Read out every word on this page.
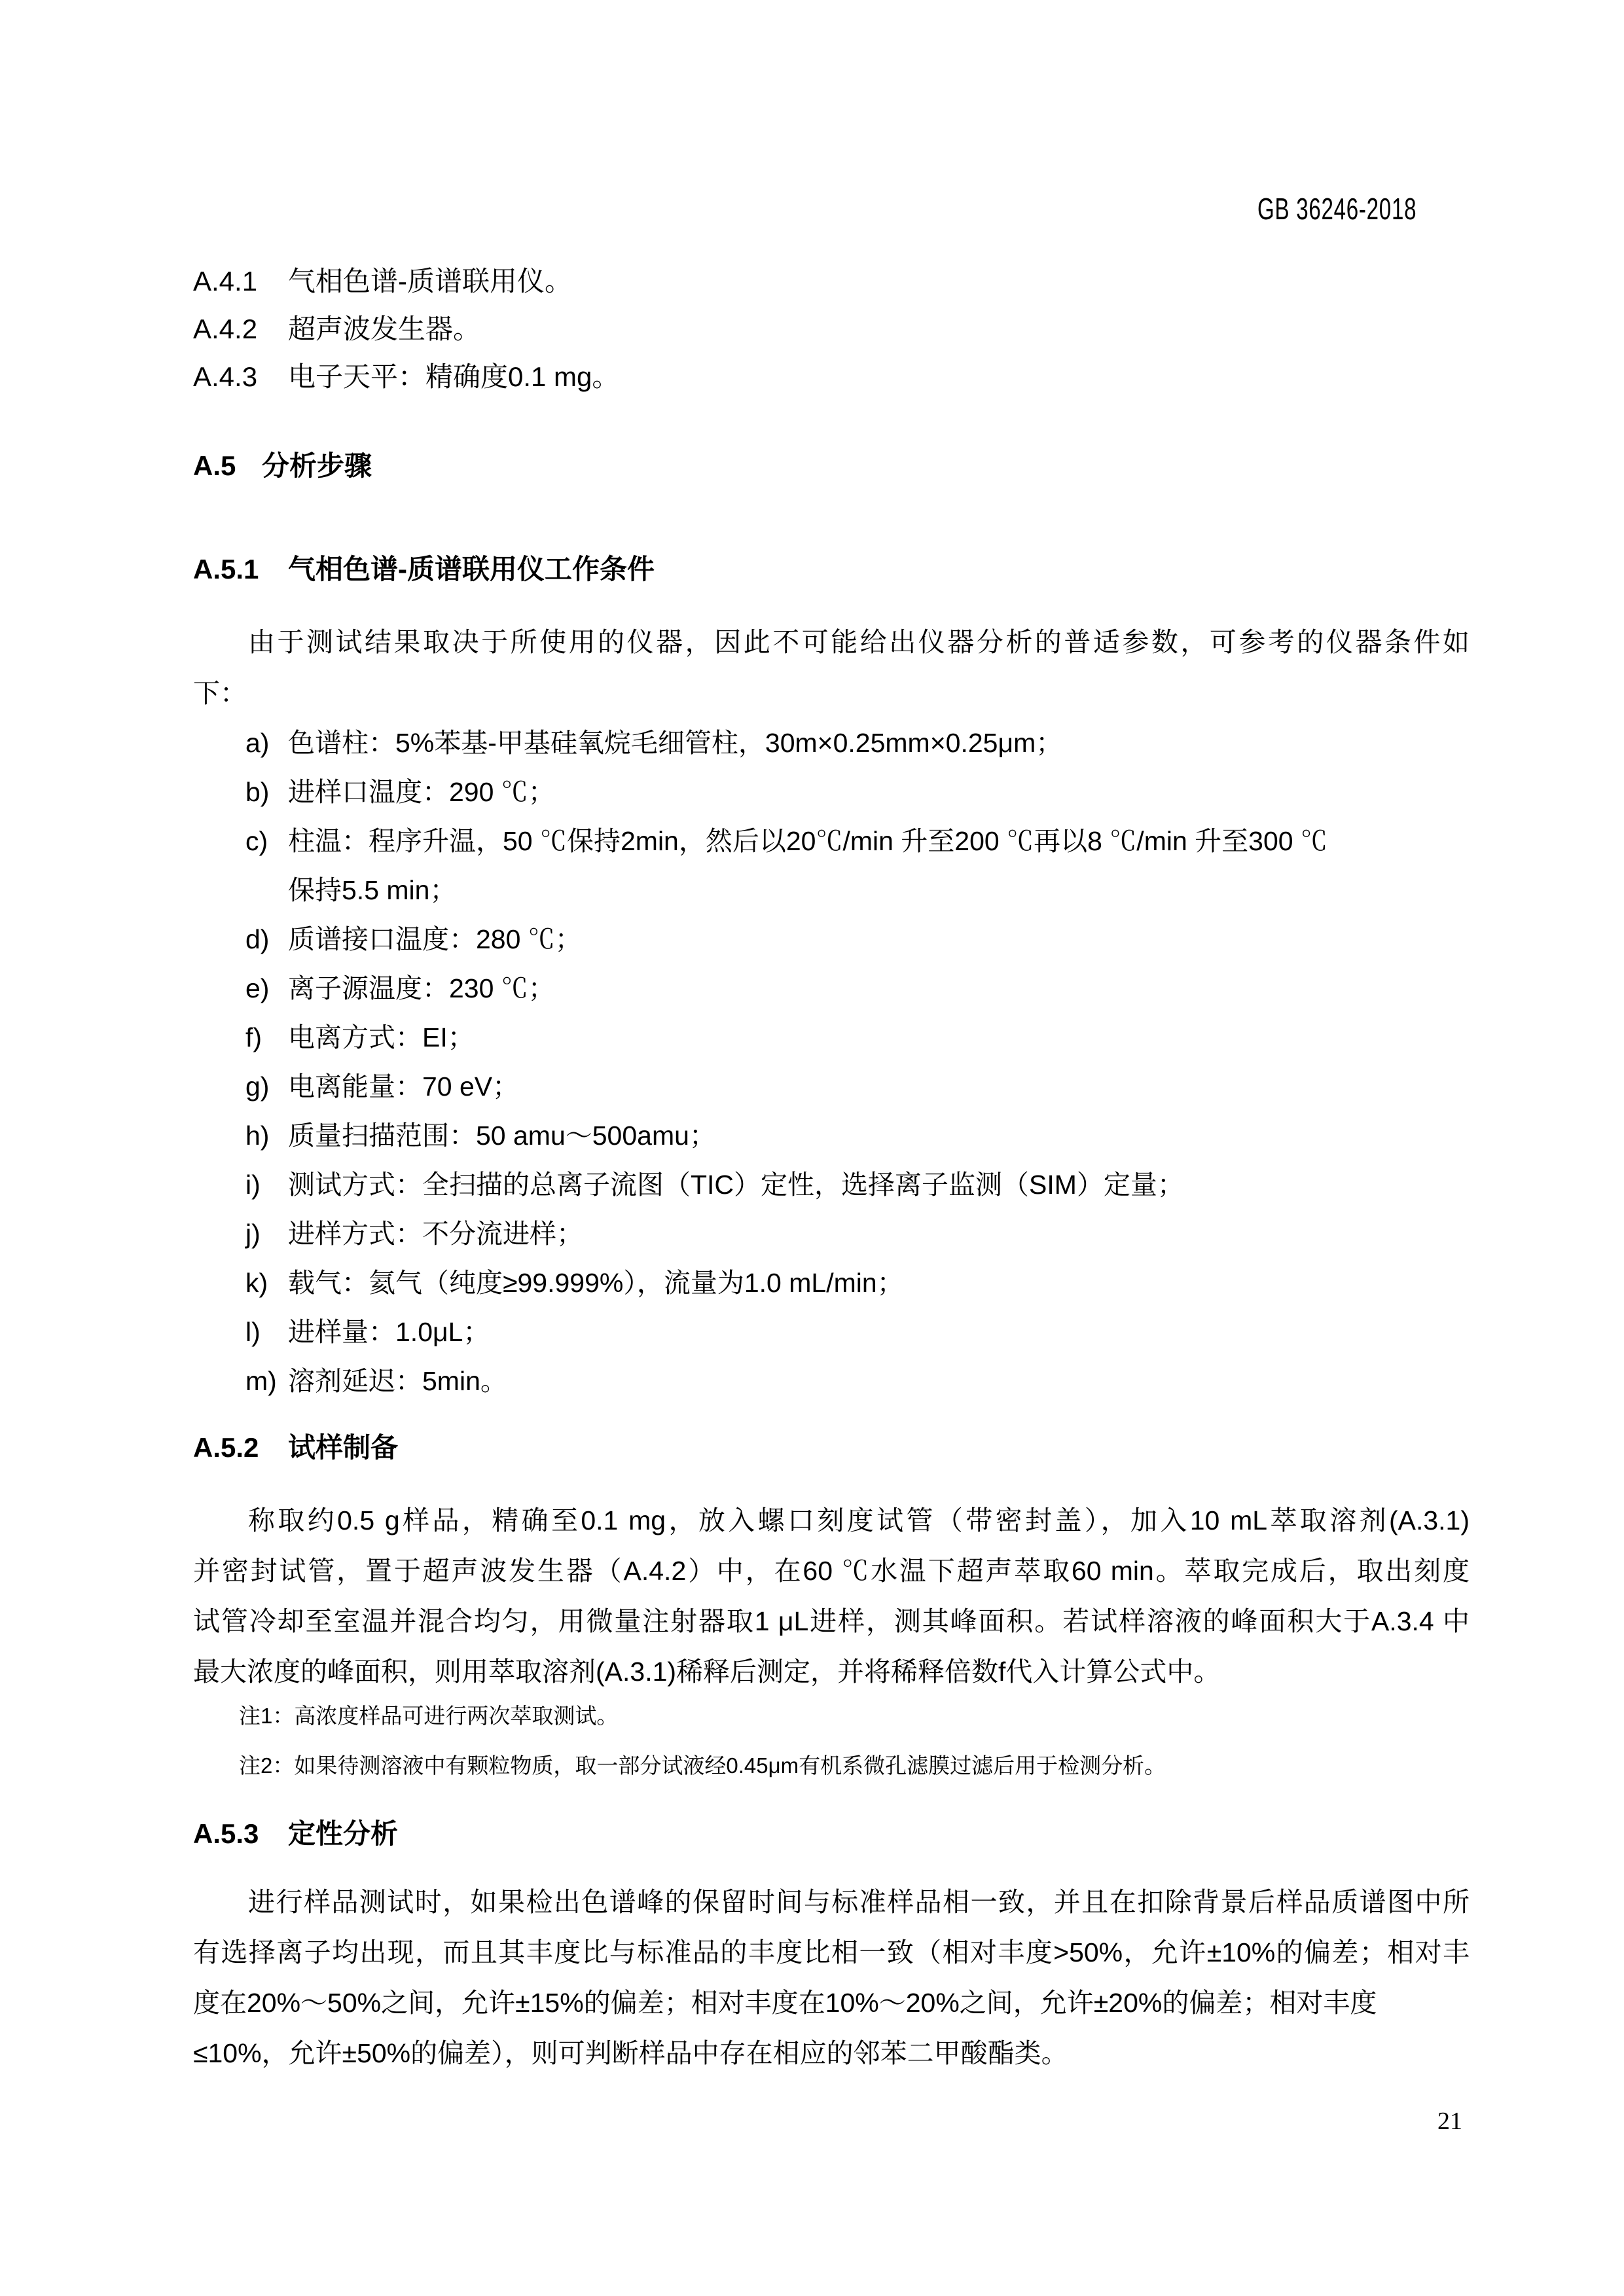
GB 36246-2018
A.4.1 气相色谱-质谱联用仪。
A.4.2 超声波发生器。
A.4.3 电子天平：精确度0.1 mg。
A.5 分析步骤
A.5.1 气相色谱-质谱联用仪工作条件
由于测试结果取决于所使用的仪器，因此不可能给出仪器分析的普适参数，可参考的仪器条件如
下：
a) 色谱柱：5%苯基-甲基硅氧烷毛细管柱，30m×0.25mm×0.25μm；
b) 进样口温度：290 ℃；
c) 柱温：程序升温，50 ℃保持2min，然后以20℃/min 升至200 ℃再以8 ℃/min 升至300 ℃
保持5.5 min；
d) 质谱接口温度：280 ℃；
e) 离子源温度：230 ℃；
f) 电离方式：EI；
g) 电离能量：70 eV；
h) 质量扫描范围：50 amu～500amu；
i) 测试方式：全扫描的总离子流图（TIC）定性，选择离子监测（SIM）定量；
j) 进样方式：不分流进样；
k) 载气：氦气（纯度≥99.999%），流量为1.0 mL/min；
l) 进样量：1.0μL；
m) 溶剂延迟：5min。
A.5.2 试样制备
称取约0.5 g样品，精确至0.1 mg，放入螺口刻度试管（带密封盖），加入10 mL萃取溶剂(A.3.1)
并密封试管，置于超声波发生器（A.4.2）中，在60 ℃水温下超声萃取60 min。萃取完成后，取出刻度
试管冷却至室温并混合均匀，用微量注射器取1 μL进样，测其峰面积。若试样溶液的峰面积大于A.3.4 中
最大浓度的峰面积，则用萃取溶剂(A.3.1)稀释后测定，并将稀释倍数f代入计算公式中。
注1：高浓度样品可进行两次萃取测试。
注2：如果待测溶液中有颗粒物质，取一部分试液经0.45μm有机系微孔滤膜过滤后用于检测分析。
A.5.3 定性分析
进行样品测试时，如果检出色谱峰的保留时间与标准样品相一致，并且在扣除背景后样品质谱图中所
有选择离子均出现，而且其丰度比与标准品的丰度比相一致（相对丰度>50%，允许±10%的偏差；相对丰
度在20%～50%之间，允许±15%的偏差；相对丰度在10%～20%之间，允许±20%的偏差；相对丰度
≤10%，允许±50%的偏差），则可判断样品中存在相应的邻苯二甲酸酯类。
21
